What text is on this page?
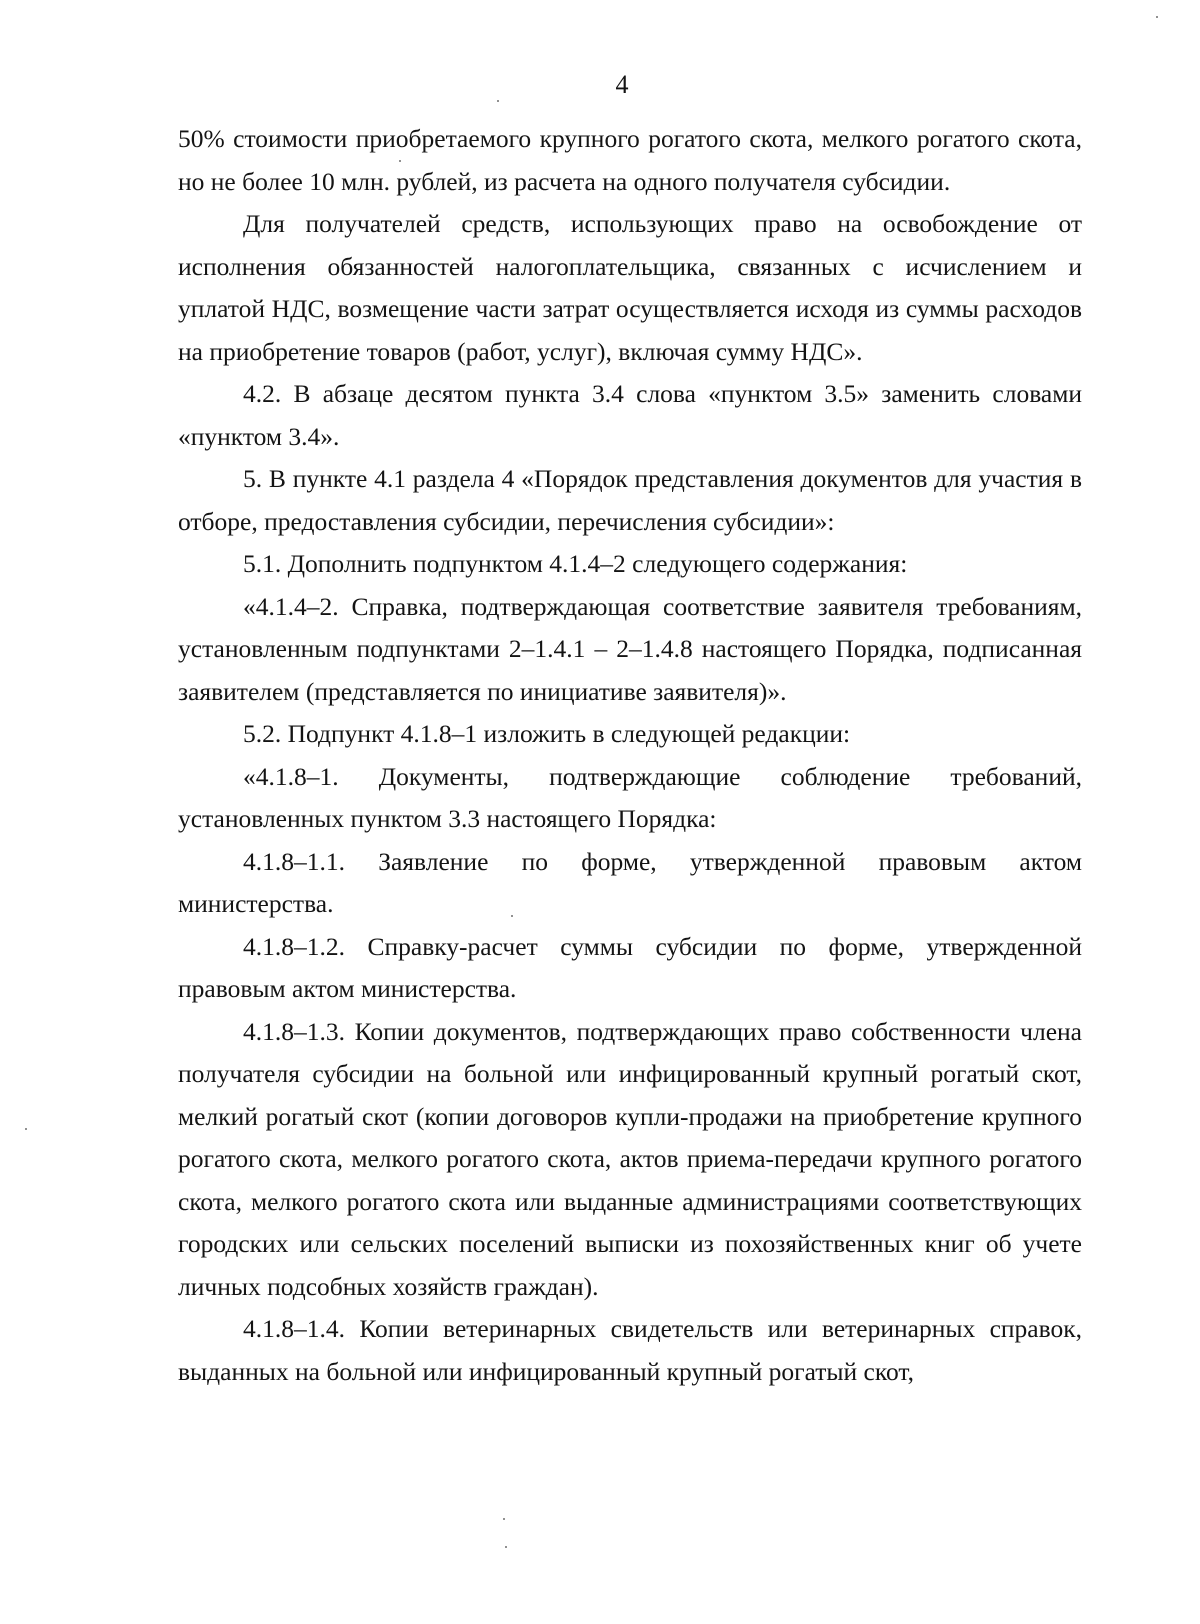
4

50% стоимости приобретаемого крупного рогатого скота, мелкого рогатого скота, но не более 10 млн. рублей, из расчета на одного получателя субсидии.

Для получателей средств, использующих право на освобождение от исполнения обязанностей налогоплательщика, связанных с исчислением и уплатой НДС, возмещение части затрат осуществляется исходя из суммы расходов на приобретение товаров (работ, услуг), включая сумму НДС».

4.2. В абзаце десятом пункта 3.4 слова «пунктом 3.5» заменить словами «пунктом 3.4».

5. В пункте 4.1 раздела 4 «Порядок представления документов для участия в отборе, предоставления субсидии, перечисления субсидии»:

5.1. Дополнить подпунктом 4.1.4–2 следующего содержания:

«4.1.4–2. Справка, подтверждающая соответствие заявителя требованиям, установленным подпунктами 2–1.4.1 – 2–1.4.8 настоящего Порядка, подписанная заявителем (представляется по инициативе заявителя)».

5.2. Подпункт 4.1.8–1 изложить в следующей редакции:

«4.1.8–1. Документы, подтверждающие соблюдение требований, установленных пунктом 3.3 настоящего Порядка:

4.1.8–1.1. Заявление по форме, утвержденной правовым актом министерства.

4.1.8–1.2. Справку-расчет суммы субсидии по форме, утвержденной правовым актом министерства.

4.1.8–1.3. Копии документов, подтверждающих право собственности члена получателя субсидии на больной или инфицированный крупный рогатый скот, мелкий рогатый скот (копии договоров купли-продажи на приобретение крупного рогатого скота, мелкого рогатого скота, актов приема-передачи крупного рогатого скота, мелкого рогатого скота или выданные администрациями соответствующих городских или сельских поселений выписки из похозяйственных книг об учете личных подсобных хозяйств граждан).

4.1.8–1.4. Копии ветеринарных свидетельств или ветеринарных справок, выданных на больной или инфицированный крупный рогатый скот,
